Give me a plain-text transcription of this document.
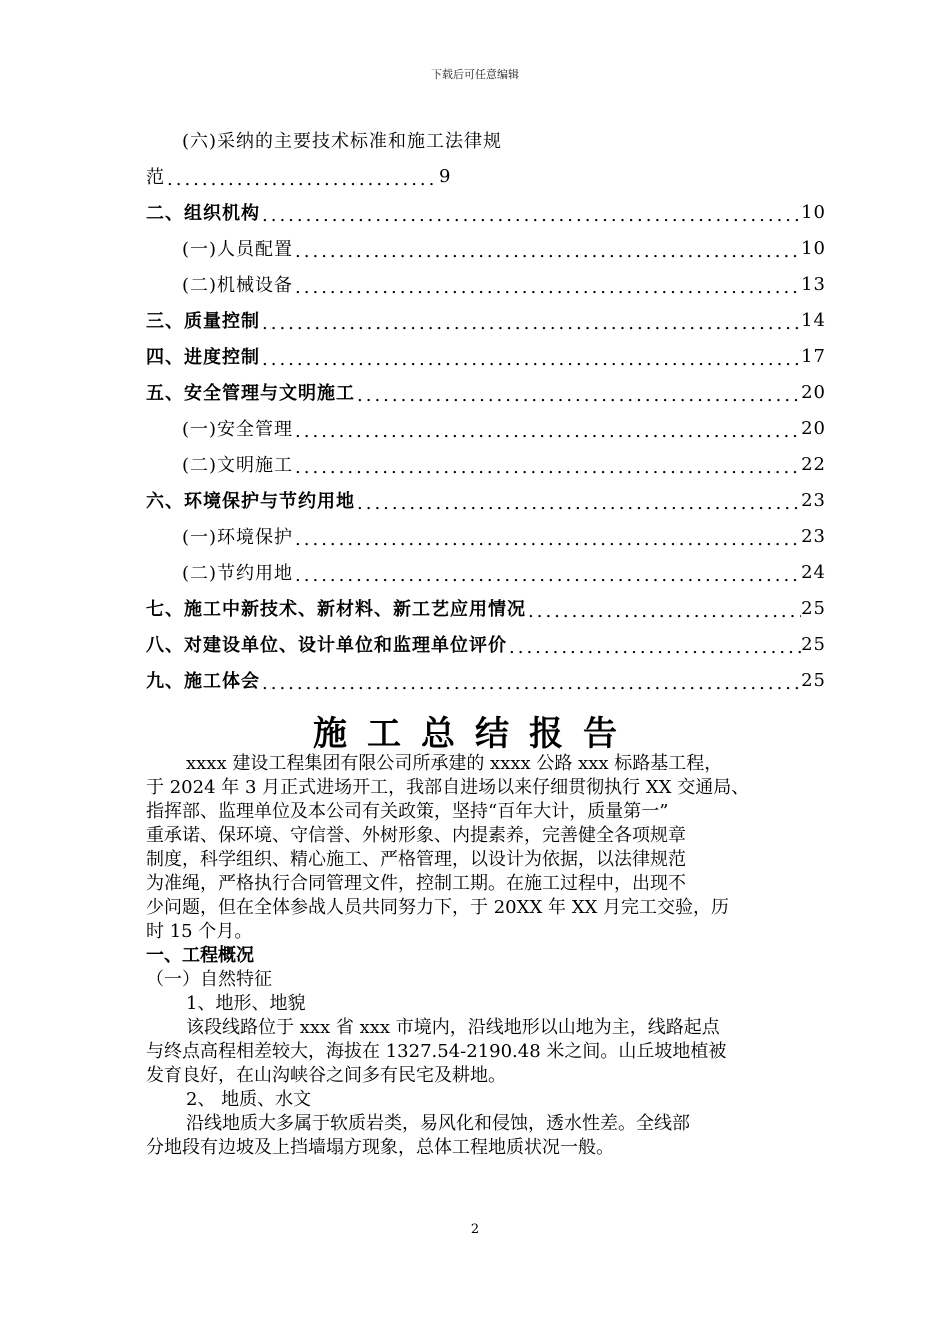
下载后可任意编辑
(六)采纳的主要技术标准和施工法律规
范 .....	9
二、组织机构 .....	10
(一)人员配置 .....	10
(二)机械设备 .....	13
三、质量控制 .....	14
四、进度控制 .....	17
五、安全管理与文明施工 .....	20
(一)安全管理 .....	20
(二)文明施工 .....	22
六、环境保护与节约用地 .....	23
(一)环境保护 .....	23
(二)节约用地 .....	24
七、施工中新技术、新材料、新工艺应用情况 .....	25
八、对建设单位、设计单位和监理单位评价 .....	25
九、施工体会 .....	25
施工总结报告

xxxx 建设工程集团有限公司所承建的 xxxx 公路 xxx 标路基工程，

于 2024 年 3 月正式进场开工，我部自进场以来仔细贯彻执行 XX 交通局、

指挥部、监理单位及本公司有关政策，坚持“百年大计，质量第一”

重承诺、保环境、守信誉、外树形象、内提素养，完善健全各项规章

制度，科学组织、精心施工、严格管理，以设计为依据，以法律规范

为准绳，严格执行合同管理文件，控制工期。在施工过程中，出现不

少问题，但在全体参战人员共同努力下，于 20XX 年 XX 月完工交验，历

时 15 个月。

一、工程概况

（一）自然特征

1、地形、地貌

该段线路位于 xxx 省 xxx 市境内，沿线地形以山地为主，线路起点

与终点高程相差较大，海拔在 1327.54-2190.48 米之间。山丘坡地植被

发育良好，在山沟峡谷之间多有民宅及耕地。

2、 地质、水文

沿线地质大多属于软质岩类，易风化和侵蚀，透水性差。全线部

分地段有边坡及上挡墙塌方现象，总体工程地质状况一般。

2
